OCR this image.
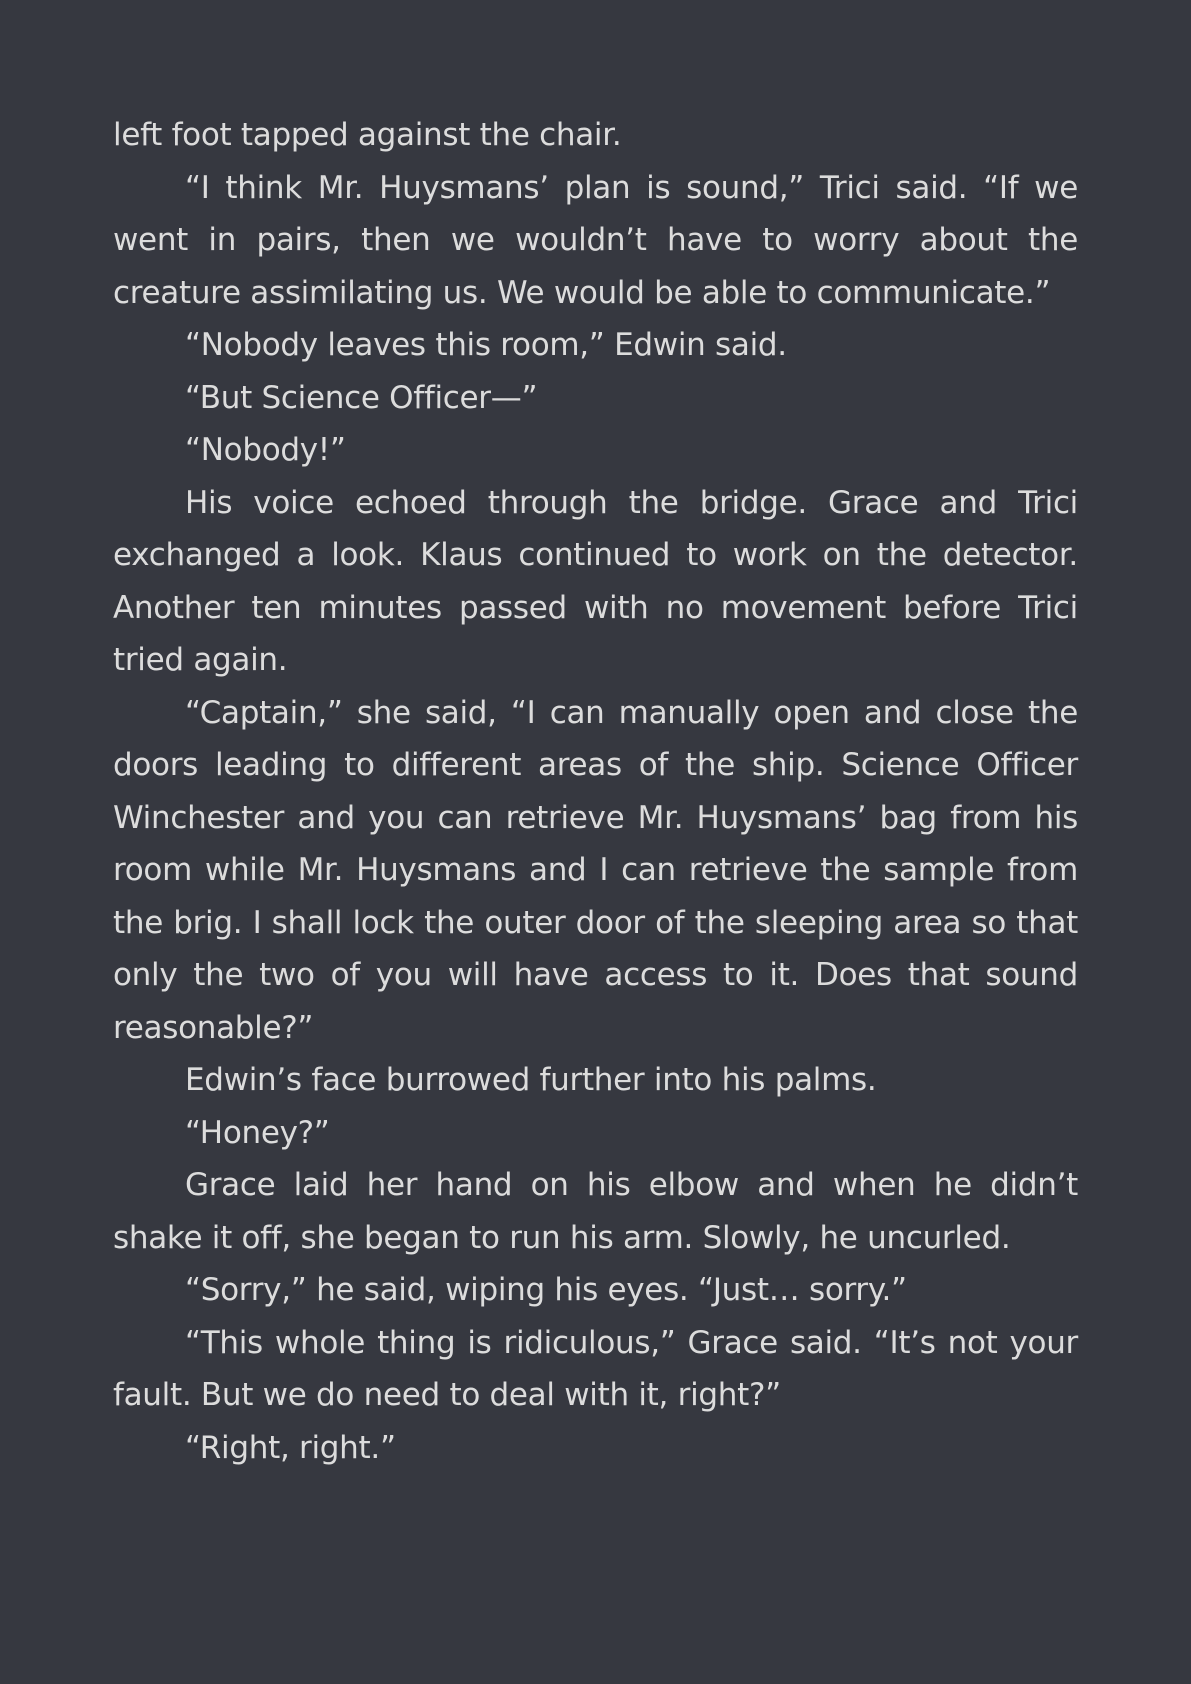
left foot tapped against the chair.

“I think Mr. Huysmans’ plan is sound,” Trici said. “If we went in pairs, then we wouldn’t have to worry about the creature assimilating us. We would be able to communicate.”

“Nobody leaves this room,” Edwin said.

“But Science Officer—”

“Nobody!”

His voice echoed through the bridge. Grace and Trici exchanged a look. Klaus continued to work on the detector. Another ten minutes passed with no movement before Trici tried again.

“Captain,” she said, “I can manually open and close the doors leading to different areas of the ship. Science Officer Winchester and you can retrieve Mr. Huysmans’ bag from his room while Mr. Huysmans and I can retrieve the sample from the brig. I shall lock the outer door of the sleeping area so that only the two of you will have access to it. Does that sound reasonable?”

Edwin’s face burrowed further into his palms.

“Honey?”

Grace laid her hand on his elbow and when he didn’t shake it off, she began to run his arm. Slowly, he uncurled.

“Sorry,” he said, wiping his eyes. “Just… sorry.”

“This whole thing is ridiculous,” Grace said. “It’s not your fault. But we do need to deal with it, right?”

“Right, right.”
